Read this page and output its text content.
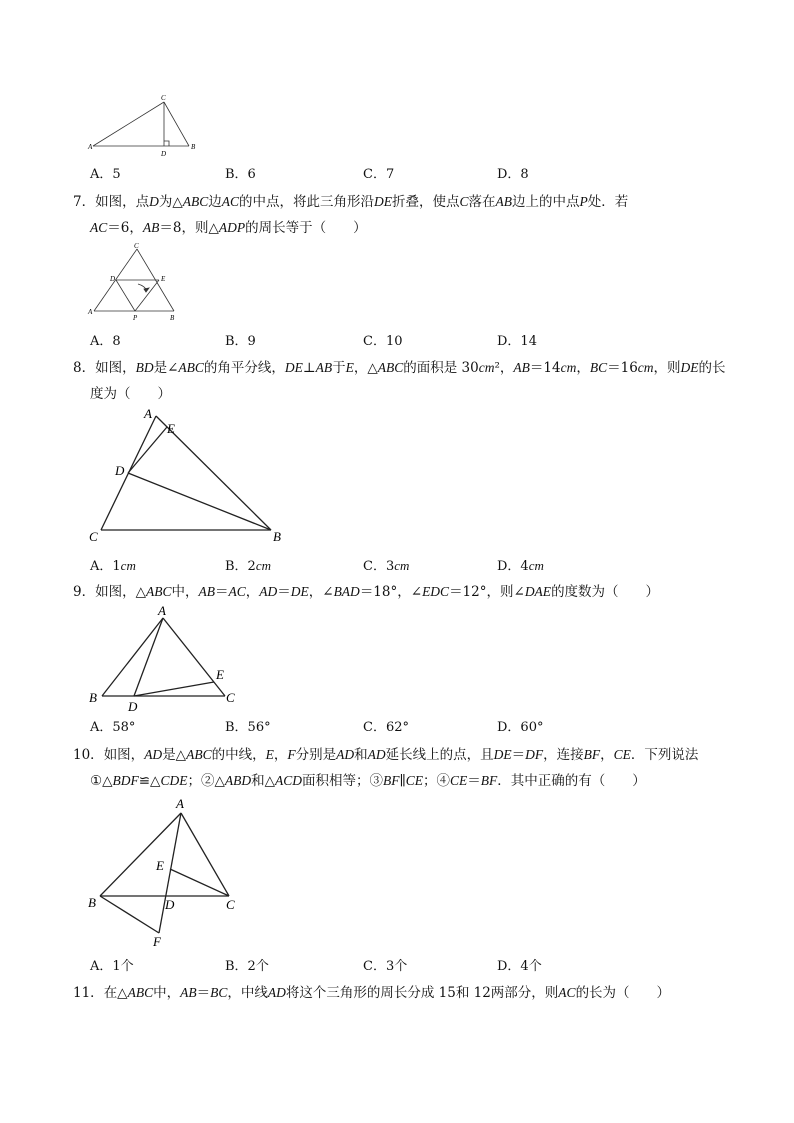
C
A	B
D
A．5	B．6	C．7	D．8
7．如图，点D为△ABC边AC的中点，将此三角形沿DE折叠，使点C落在AB边上的中点P处．若
AC＝6，AB＝8，则△ADP的周长等于（　　）
C
D	E
A
B
P
A．8	B．9	C．10	D．14
8．如图，BD是∠ABC的角平分线，DE⊥AB于E，△ABC的面积是 30cm²，AB＝14cm，BC＝16cm，则DE的长
度为（　　）
A
E
D
C	B
A．1cm	B．2cm	C．3cm	D．4cm
9．如图，△ABC中，AB＝AC，AD＝DE，∠BAD＝18°，∠EDC＝12°，则∠DAE的度数为（　　）
A
E
B	C
D
A．58°	B．56°	C．62°	D．60°
10．如图，AD是△ABC的中线，E，F分别是AD和AD延长线上的点，且DE＝DF，连接BF，CE．下列说法
①△BDF≌△CDE；②△ABD和△ACD面积相等；③BF∥CE；④CE＝BF．其中正确的有（　　）
A
E
B	D	C
F
A．1个	B．2个	C．3个	D．4个
11．在△ABC中，AB＝BC，中线AD将这个三角形的周长分成 15和 12两部分，则AC的长为（　　）
